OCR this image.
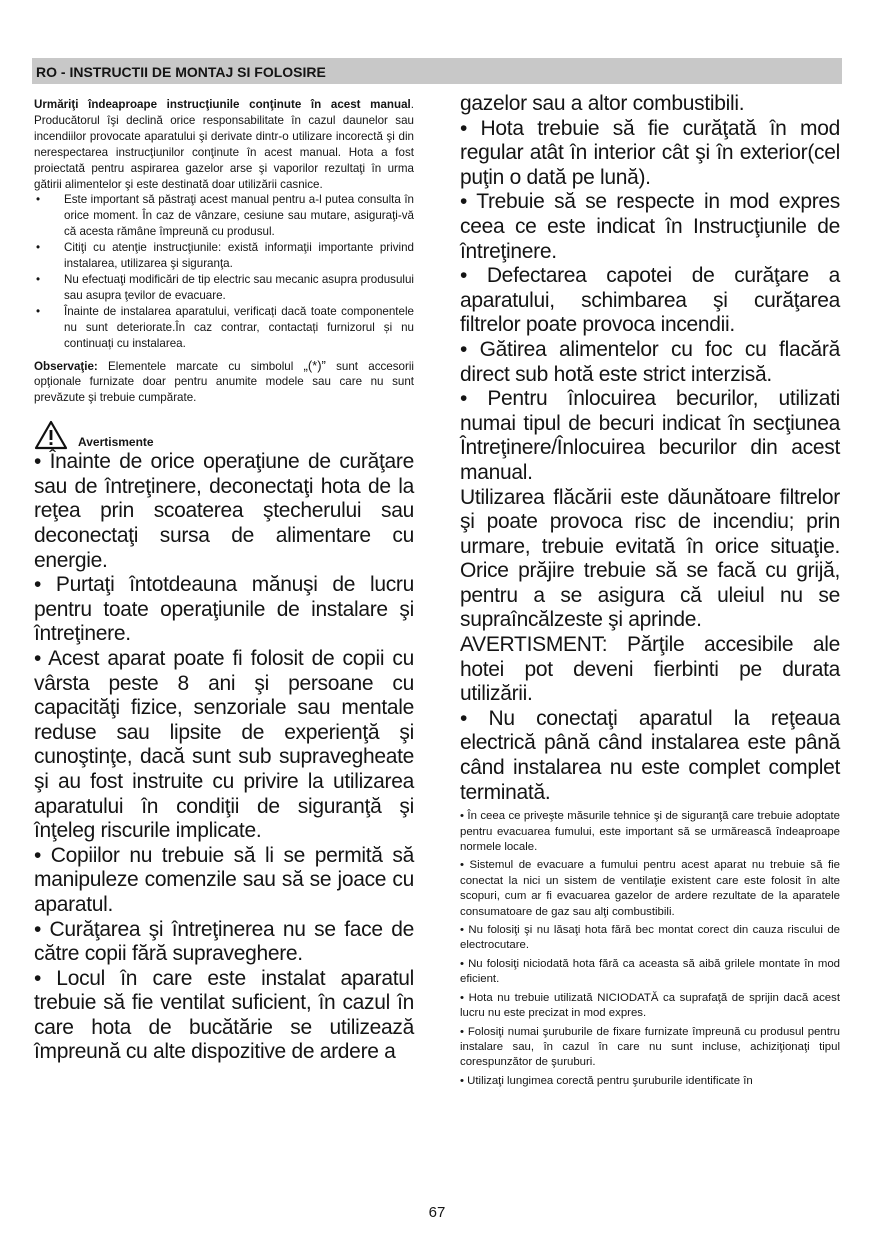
RO - INSTRUCTII DE MONTAJ SI FOLOSIRE

Urmăriţi îndeaproape instrucţiunile conţinute în acest manual. Producătorul îşi declină orice responsabilitate în cazul daunelor sau incendiilor provocate aparatului şi derivate dintr-o utilizare incorectă şi din nerespectarea instrucţiunilor conţinute în acest manual. Hota a fost proiectată pentru aspirarea gazelor arse şi vaporilor rezultaţi în urma gătirii alimentelor şi este destinată doar utilizării casnice.

• Este important să păstraţi acest manual pentru a-l putea consulta în orice moment. În caz de vânzare, cesiune sau mutare, asiguraţi-vă că acesta rămâne împreună cu produsul.
• Citiţi cu atenţie instrucţiunile: există informaţii importante privind instalarea, utilizarea şi siguranţa.
• Nu efectuaţi modificări de tip electric sau mecanic asupra produsului sau asupra ţevilor de evacuare.
• Înainte de instalarea aparatului, verificați dacă toate componentele nu sunt deteriorate.În caz contrar, contactați furnizorul și nu continuați cu instalarea.

Observaţie: Elementele marcate cu simbolul „(*)” sunt accesorii opţionale furnizate doar pentru anumite modele sau care nu sunt prevăzute şi trebuie cumpărate.

Avertismente

• Înainte de orice operaţiune de curăţare sau de întreţinere, deconectaţi hota de la reţea prin scoaterea ştecherului sau deconectaţi sursa de alimentare cu energie.

• Purtaţi întotdeauna mănuşi de lucru pentru toate operaţiunile de instalare şi întreţinere.

• Acest aparat poate fi folosit de copii cu vârsta peste 8 ani şi persoane cu capacităţi fizice, senzoriale sau mentale reduse sau lipsite de experienţă şi cunoştinţe, dacă sunt sub supravegheate şi au fost instruite cu privire la utilizarea aparatului în condiţii de siguranţă şi înţeleg riscurile implicate.

• Copiilor nu trebuie să li se permită să manipuleze comenzile sau să se joace cu aparatul.

• Curăţarea şi întreţinerea nu se face de către copii fără supraveghere.

• Locul în care este instalat aparatul trebuie să fie ventilat suficient, în cazul în care hota de bucătărie se utilizează împreună cu alte dispozitive de ardere a

gazelor sau a altor combustibili.

• Hota trebuie să fie curăţată în mod regular atât în interior cât şi în exterior(cel puţin o dată pe lună).

• Trebuie să se respecte in mod expres ceea ce este indicat în Instrucţiunile de întreţinere.

• Defectarea capotei de curăţare a aparatului, schimbarea şi curăţarea filtrelor poate provoca incendii.

• Gătirea alimentelor cu foc cu flacără direct sub hotă este strict interzisă.

• Pentru înlocuirea becurilor, utilizati numai tipul de becuri indicat în secţiunea Întreţinere/Înlocuirea becurilor din acest manual.

Utilizarea flăcării este dăunătoare filtrelor şi poate provoca risc de incendiu; prin urmare, trebuie evitată în orice situaţie. Orice prăjire trebuie să se facă cu grijă, pentru a se asigura că uleiul nu se supraîncălzeste şi aprinde.

AVERTISMENT: Părţile accesibile ale hotei pot deveni fierbinti pe durata utilizării.

• Nu conectaţi aparatul la reţeaua electrică până când instalarea este până când instalarea nu este complet complet terminată.

• În ceea ce priveşte măsurile tehnice şi de siguranţă care trebuie adoptate pentru evacuarea fumului, este important să se urmărească îndeaproape normele locale.

• Sistemul de evacuare a fumului pentru acest aparat nu trebuie să fie conectat la nici un sistem de ventilaţie existent care este folosit în alte scopuri, cum ar fi evacuarea gazelor de ardere rezultate de la aparatele consumatoare de gaz sau alţi combustibili.

• Nu folosiţi şi nu lăsaţi hota fără bec montat corect din cauza riscului de electrocutare.

• Nu folosiţi niciodată hota fără ca aceasta să aibă grilele montate în mod eficient.

• Hota nu trebuie utilizată NICIODATĂ ca suprafaţă de sprijin dacă acest lucru nu este precizat in mod expres.

• Folosiţi numai şuruburile de fixare furnizate împreună cu produsul pentru instalare sau, în cazul în care nu sunt incluse, achiziţionaţi tipul corespunzător de şuruburi.

• Utilizaţi lungimea corectă pentru şuruburile identificate în

67
